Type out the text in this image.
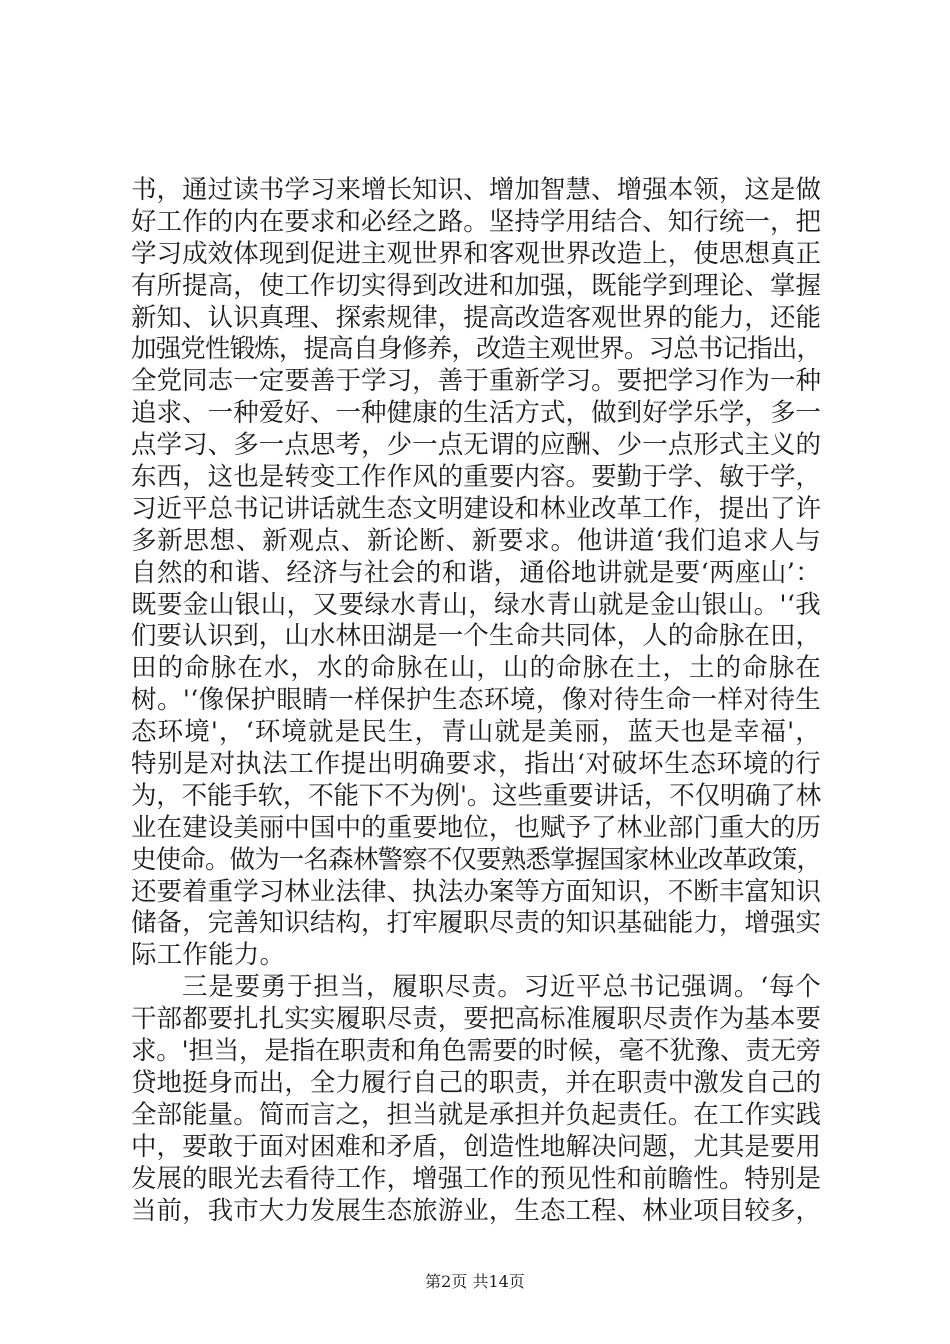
书，通过读书学习来增长知识、增加智慧、增强本领，这是做
好工作的内在要求和必经之路。坚持学用结合、知行统一，把
学习成效体现到促进主观世界和客观世界改造上，使思想真正
有所提高，使工作切实得到改进和加强，既能学到理论、掌握
新知、认识真理、探索规律，提高改造客观世界的能力，还能
加强党性锻炼，提高自身修养，改造主观世界。习总书记指出，
全党同志一定要善于学习，善于重新学习。要把学习作为一种
追求、一种爱好、一种健康的生活方式，做到好学乐学，多一
点学习、多一点思考，少一点无谓的应酬、少一点形式主义的
东西，这也是转变工作作风的重要内容。要勤于学、敏于学，
习近平总书记讲话就生态文明建设和林业改革工作，提出了许
多新思想、新观点、新论断、新要求。他讲道‘我们追求人与
自然的和谐、经济与社会的和谐，通俗地讲就是要‘两座山’：
既要金山银山，又要绿水青山，绿水青山就是金山银山。'‘我
们要认识到，山水林田湖是一个生命共同体，人的命脉在田，
田的命脉在水，水的命脉在山，山的命脉在土，土的命脉在
树。'‘像保护眼睛一样保护生态环境，像对待生命一样对待生
态环境'，‘环境就是民生，青山就是美丽，蓝天也是幸福'，
特别是对执法工作提出明确要求，指出‘对破坏生态环境的行
为，不能手软，不能下不为例'。这些重要讲话，不仅明确了林
业在建设美丽中国中的重要地位，也赋予了林业部门重大的历
史使命。做为一名森林警察不仅要熟悉掌握国家林业改革政策，
还要着重学习林业法律、执法办案等方面知识，不断丰富知识
储备，完善知识结构，打牢履职尽责的知识基础能力，增强实
际工作能力。
三是要勇于担当，履职尽责。习近平总书记强调。‘每个
干部都要扎扎实实履职尽责，要把高标准履职尽责作为基本要
求。'担当，是指在职责和角色需要的时候，毫不犹豫、责无旁
贷地挺身而出，全力履行自己的职责，并在职责中激发自己的
全部能量。简而言之，担当就是承担并负起责任。在工作实践
中，要敢于面对困难和矛盾，创造性地解决问题，尤其是要用
发展的眼光去看待工作，增强工作的预见性和前瞻性。特别是
当前，我市大力发展生态旅游业，生态工程、林业项目较多，
第2页 共14页
